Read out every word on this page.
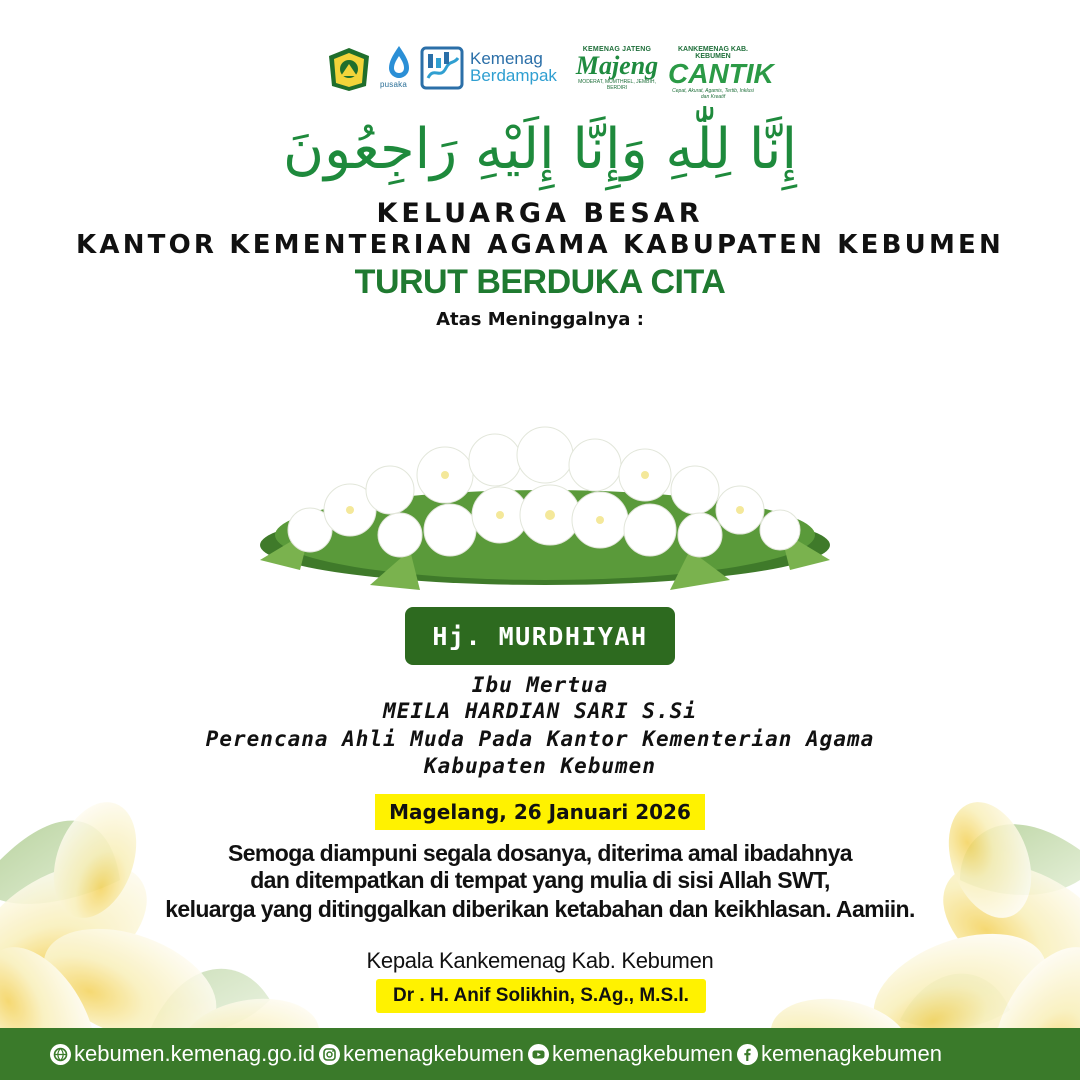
pusaka
Kemenag
Berdampak
KEMENAG JATENG
Majeng
MODERAT, MUMTHREL, JEMBIH, BERDIRI
KANKEMENAG KAB. KEBUMEN
CANTIK
Cepat, Akurat, Agamis, Tertib, Inklusi dan Kreatif
إِنَّا لِلّٰهِ وَإِنَّا إِلَيْهِ رَاجِعُونَ
KELUARGA BESAR
KANTOR KEMENTERIAN AGAMA KABUPATEN KEBUMEN
TURUT BERDUKA CITA
Atas Meninggalnya :
Hj. MURDHIYAH
Ibu Mertua
MEILA HARDIAN SARI S.Si
Perencana Ahli Muda Pada Kantor Kementerian Agama
Kabupaten Kebumen
Magelang, 26 Januari 2026
Semoga diampuni segala dosanya, diterima amal ibadahnya
dan ditempatkan di tempat yang mulia di sisi Allah SWT,
keluarga yang ditinggalkan diberikan ketabahan dan keikhlasan. Aamiin.
Kepala Kankemenag Kab. Kebumen
Dr . H. Anif Solikhin, S.Ag., M.S.I.
kebumen.kemenag.go.id kemenagkebumen kemenagkebumen kemenagkebumen
